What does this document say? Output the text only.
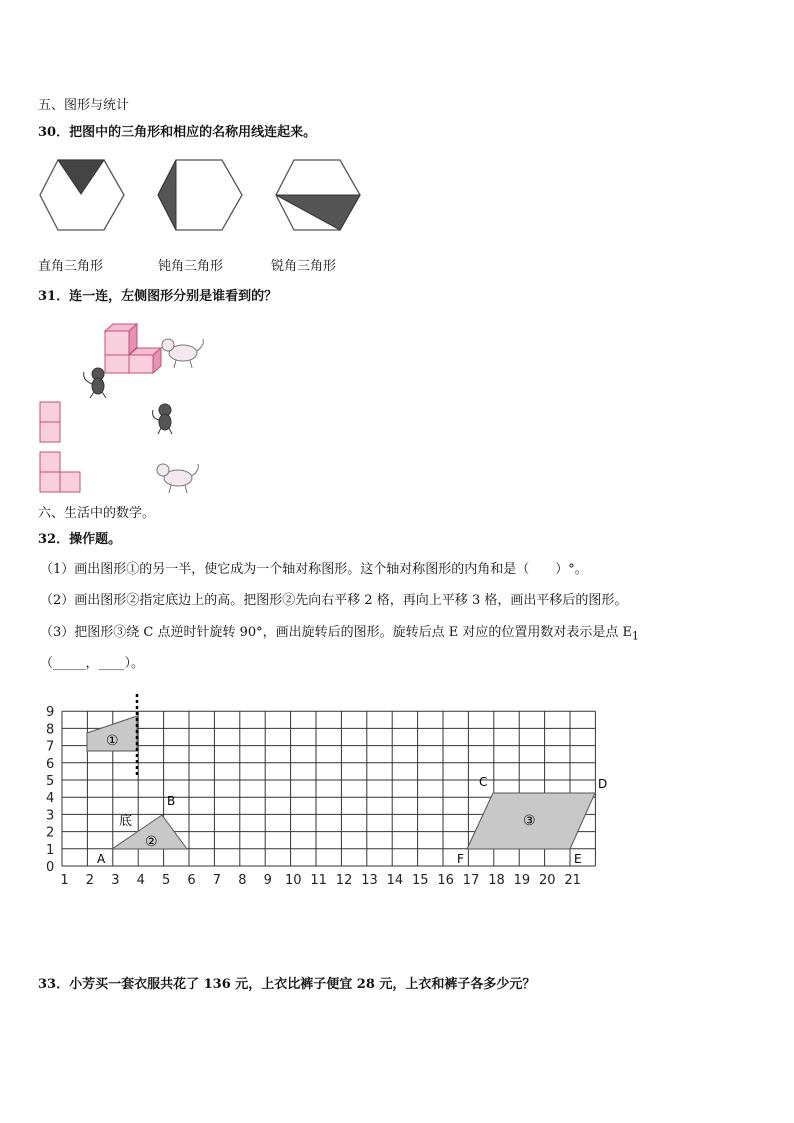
五、图形与统计
30．把图中的三角形和相应的名称用线连起来。
直角三角形	钝角三角形	锐角三角形
31．连一连，左侧图形分别是谁看到的？
六、生活中的数学。
32．操作题。
（1）画出图形①的另一半，使它成为一个轴对称图形。这个轴对称图形的内角和是（　　）°。
（2）画出图形②指定底边上的高。把图形②先向右平移 2 格，再向上平移 3 格，画出平移后的图形。
（3）把图形③绕 C 点逆时针旋转 90°，画出旋转后的图形。旋转后点 E 对应的位置用数对表示是点 $E_1$
（_____，____）。
1 2 3 4 5 6 7 8 9 10 11 12 13 14 15 16 17 18 19 20 21
0
1
2
3
4
5
6
7
8
9
①
②
③
底
A
B
C	D
E
F
33．小芳买一套衣服共花了 136 元，上衣比裤子便宜 28 元，上衣和裤子各多少元？
